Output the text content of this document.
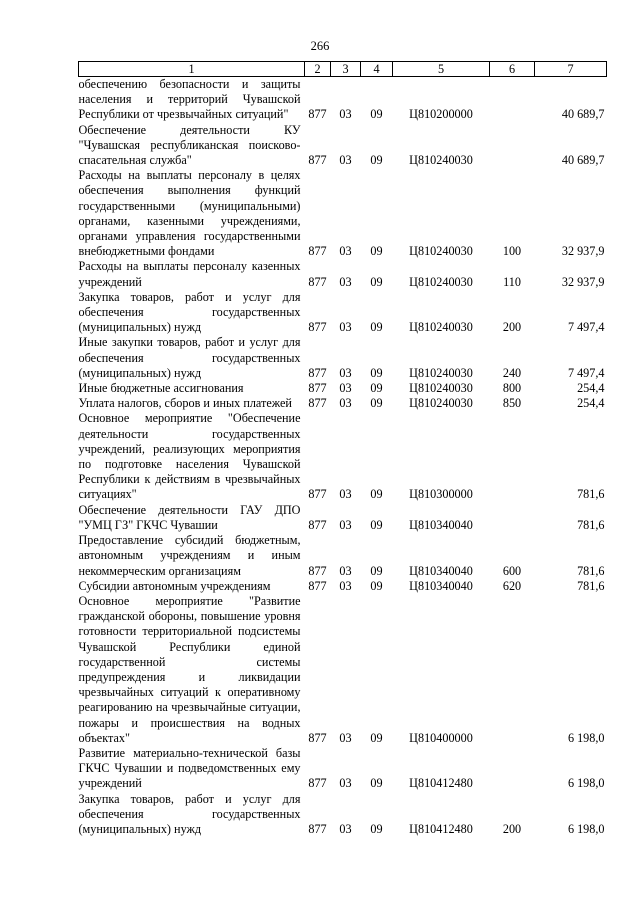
266
1	2	3	4	5	6	7
обеспечению безопасности и защиты населения и территорий Чувашской Республики от чрезвычайных ситуаций"	877	03	09	Ц810200000		40 689,7
Обеспечение деятельности КУ "Чувашская республиканская поисково-спасательная служба"	877	03	09	Ц810240030		40 689,7
Расходы на выплаты персоналу в целях обеспечения выполнения функций государственными (муниципальными) органами, казенными учреждениями, органами управления государственными внебюджетными фондами	877	03	09	Ц810240030	100	32 937,9
Расходы на выплаты персоналу казенных учреждений	877	03	09	Ц810240030	110	32 937,9
Закупка товаров, работ и услуг для обеспечения государственных (муниципальных) нужд	877	03	09	Ц810240030	200	7 497,4
Иные закупки товаров, работ и услуг для обеспечения государственных (муниципальных) нужд	877	03	09	Ц810240030	240	7 497,4
Иные бюджетные ассигнования	877	03	09	Ц810240030	800	254,4
Уплата налогов, сборов и иных платежей	877	03	09	Ц810240030	850	254,4
Основное мероприятие "Обеспечение деятельности государственных учреждений, реализующих мероприятия по подготовке населения Чувашской Республики к действиям в чрезвычайных ситуациях"	877	03	09	Ц810300000		781,6
Обеспечение деятельности ГАУ ДПО "УМЦ ГЗ" ГКЧС Чувашии	877	03	09	Ц810340040		781,6
Предоставление субсидий бюджетным, автономным учреждениям и иным некоммерческим организациям	877	03	09	Ц810340040	600	781,6
Субсидии автономным учреждениям	877	03	09	Ц810340040	620	781,6
Основное мероприятие "Развитие гражданской обороны, повышение уровня готовности территориальной подсистемы Чувашской Республики единой государственной системы предупреждения и ликвидации чрезвычайных ситуаций к оперативному реагированию на чрезвычайные ситуации, пожары и происшествия на водных объектах"	877	03	09	Ц810400000		6 198,0
Развитие материально-технической базы ГКЧС Чувашии и подведомственных ему учреждений	877	03	09	Ц810412480		6 198,0
Закупка товаров, работ и услуг для обеспечения государственных (муниципальных) нужд	877	03	09	Ц810412480	200	6 198,0
